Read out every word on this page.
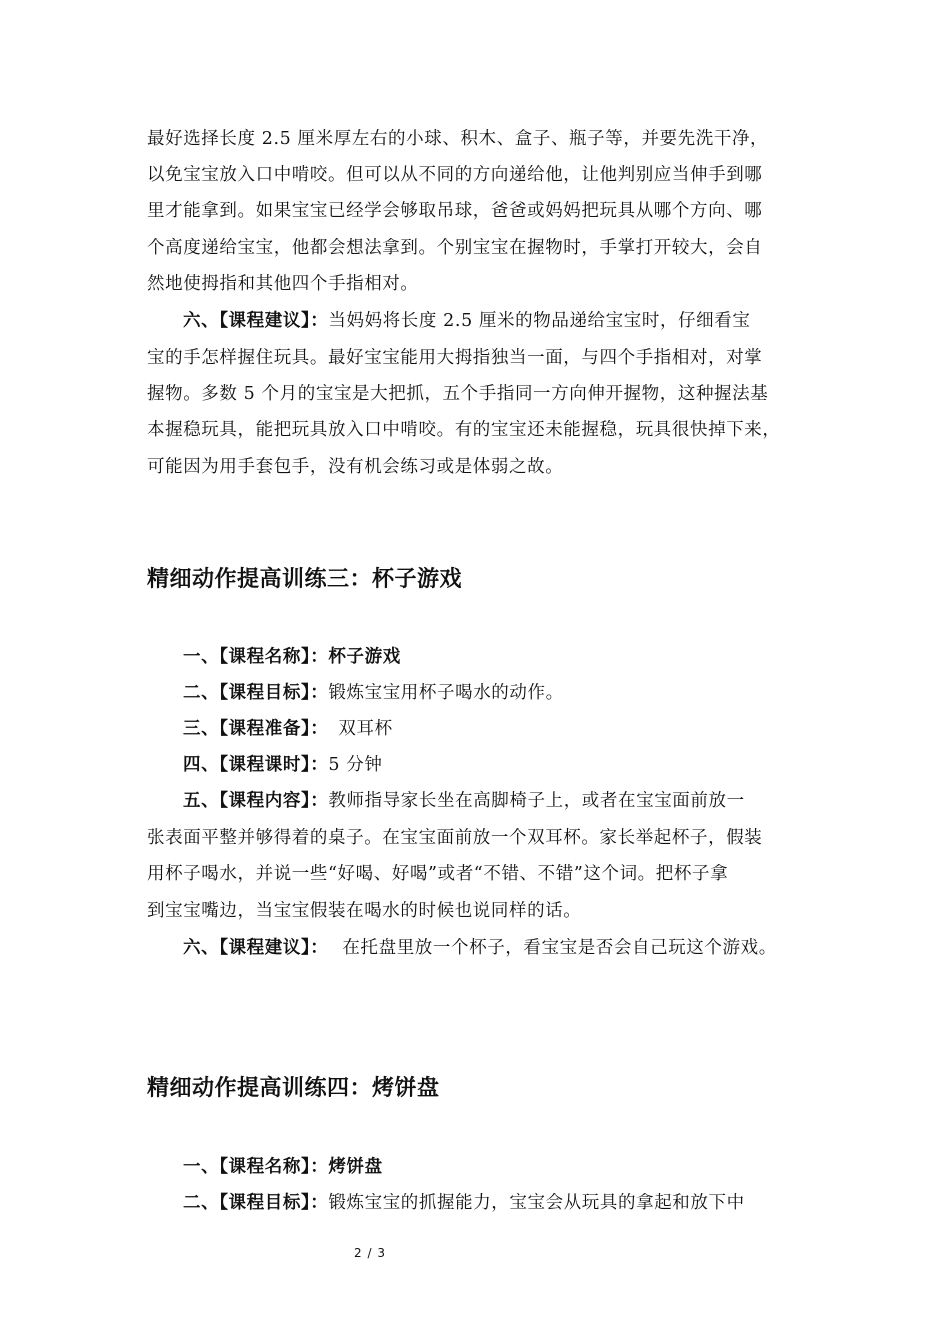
最好选择长度 2.5 厘米厚左右的小球、积木、盒子、瓶子等，并要先洗干净，
以免宝宝放入口中啃咬。但可以从不同的方向递给他，让他判别应当伸手到哪
里才能拿到。如果宝宝已经学会够取吊球，爸爸或妈妈把玩具从哪个方向、哪
个高度递给宝宝，他都会想法拿到。个别宝宝在握物时，手掌打开较大，会自
然地使拇指和其他四个手指相对。
六、【课程建议】：当妈妈将长度 2.5 厘米的物品递给宝宝时，仔细看宝
宝的手怎样握住玩具。最好宝宝能用大拇指独当一面，与四个手指相对，对掌
握物。多数 5 个月的宝宝是大把抓，五个手指同一方向伸开握物，这种握法基
本握稳玩具，能把玩具放入口中啃咬。有的宝宝还未能握稳，玩具很快掉下来，
可能因为用手套包手，没有机会练习或是体弱之故。
精细动作提高训练三：杯子游戏
一、【课程名称】：杯子游戏
二、【课程目标】：锻炼宝宝用杯子喝水的动作。
三、【课程准备】： 双耳杯
四、【课程课时】：5 分钟
五、【课程内容】：教师指导家长坐在高脚椅子上，或者在宝宝面前放一
张表面平整并够得着的桌子。在宝宝面前放一个双耳杯。家长举起杯子，假装
用杯子喝水，并说一些“好喝、好喝”或者“不错、不错”这个词。把杯子拿
到宝宝嘴边，当宝宝假装在喝水的时候也说同样的话。
六、【课程建议】： 在托盘里放一个杯子，看宝宝是否会自己玩这个游戏。
精细动作提高训练四：烤饼盘
一、【课程名称】：烤饼盘
二、【课程目标】：锻炼宝宝的抓握能力，宝宝会从玩具的拿起和放下中
2 / 3
